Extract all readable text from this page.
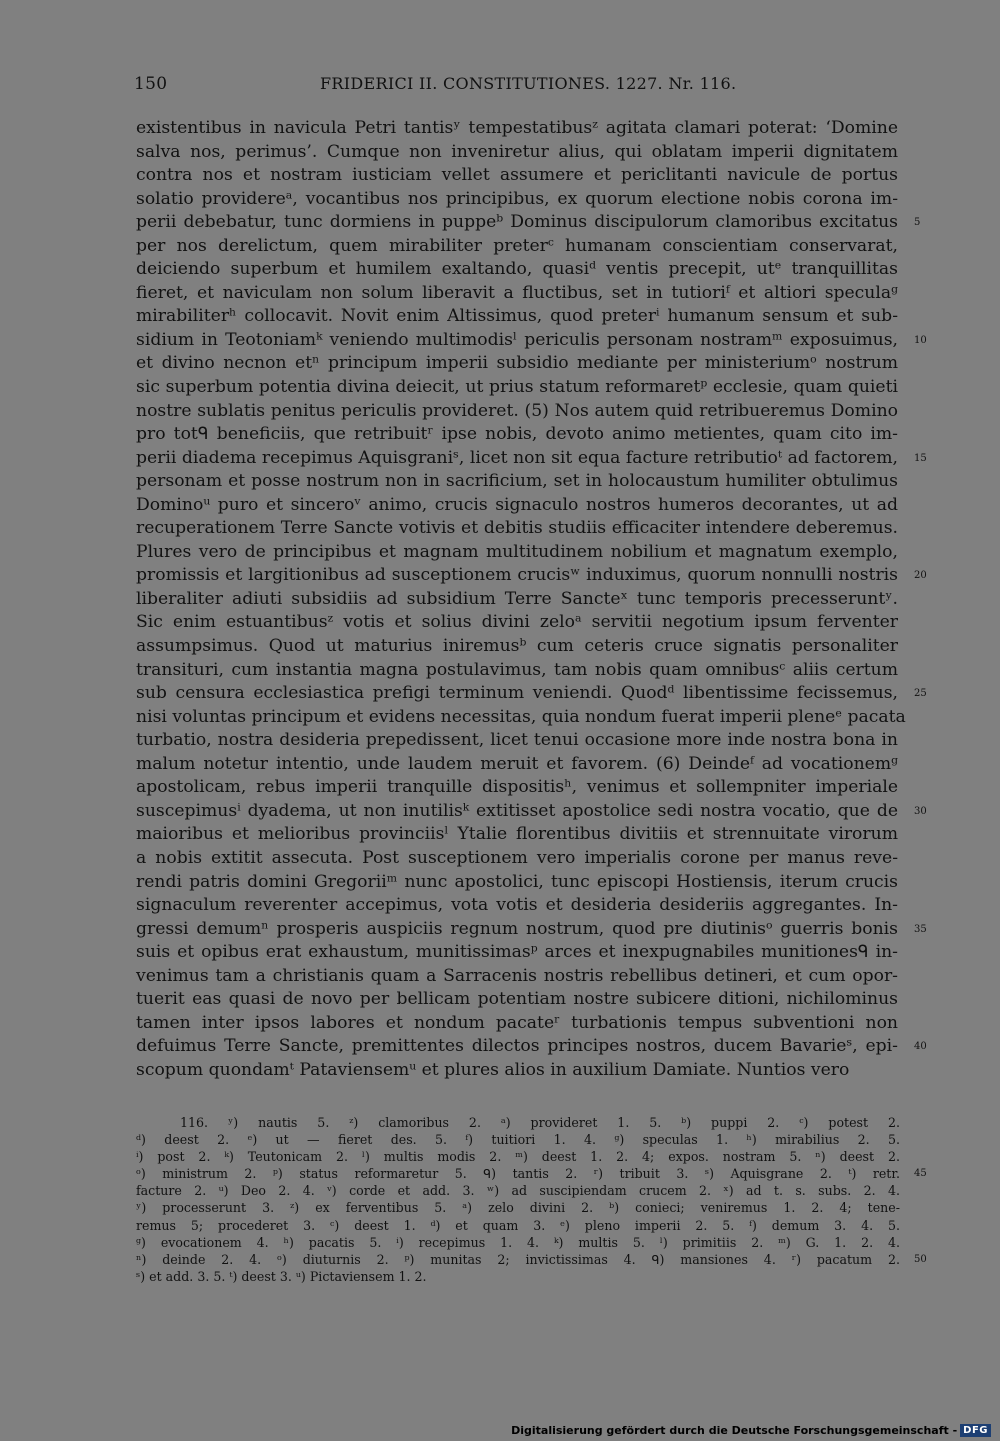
150	FRIDERICI II. CONSTITUTIONES. 1227. Nr. 116.
existentibus in navicula Petri tantisʸ tempestatibusᶻ agitata clamari poterat: ‘Domine
salva nos, perimus’. Cumque non inveniretur alius, qui oblatam imperii dignitatem
contra nos et nostram iusticiam vellet assumere et periclitanti navicule de portus
solatio providereᵃ, vocantibus nos principibus, ex quorum electione nobis corona im-
perii debebatur, tunc dormiens in puppeᵇ Dominus discipulorum clamoribus excitatus 5
per nos derelictum, quem mirabiliter preterᶜ humanam conscientiam conservarat,
deiciendo superbum et humilem exaltando, quasiᵈ ventis precepit, utᵉ tranquillitas
fieret, et naviculam non solum liberavit a fluctibus, set in tutioriᶠ et altiori speculaᵍ
mirabiliterʰ collocavit. Novit enim Altissimus, quod preterⁱ humanum sensum et sub-
sidium in Teotoniamᵏ veniendo multimodisˡ periculis personam nostramᵐ exposuimus, 10
et divino necnon etⁿ principum imperii subsidio mediante per ministeriumᵒ nostrum
sic superbum potentia divina deiecit, ut prius statum reformaretᵖ ecclesie, quam quieti
nostre sublatis penitus periculis provideret. (5) Nos autem quid retribueremus Domino
pro totᑫ beneficiis, que retribuitʳ ipse nobis, devoto animo metientes, quam cito im-
perii diadema recepimus Aquisgraniˢ, licet non sit equa facture retributioᵗ ad factorem, 15
personam et posse nostrum non in sacrificium, set in holocaustum humiliter obtulimus
Dominoᵘ puro et sinceroᵛ animo, crucis signaculo nostros humeros decorantes, ut ad
recuperationem Terre Sancte votivis et debitis studiis efficaciter intendere deberemus.
Plures vero de principibus et magnam multitudinem nobilium et magnatum exemplo,
promissis et largitionibus ad susceptionem crucisʷ induximus, quorum nonnulli nostris 20
liberaliter adiuti subsidiis ad subsidium Terre Sancteˣ tunc temporis precesseruntʸ.
Sic enim estuantibusᶻ votis et solius divini zeloᵃ servitii negotium ipsum ferventer
assumpsimus. Quod ut maturius iniremusᵇ cum ceteris cruce signatis personaliter
transituri, cum instantia magna postulavimus, tam nobis quam omnibusᶜ aliis certum
sub censura ecclesiastica prefigi terminum veniendi. Quodᵈ libentissime fecissemus, 25
nisi voluntas principum et evidens necessitas, quia nondum fuerat imperii pleneᵉ pacata
turbatio, nostra desideria prepedissent, licet tenui occasione more inde nostra bona in
malum notetur intentio, unde laudem meruit et favorem. (6) Deindeᶠ ad vocationemᵍ
apostolicam, rebus imperii tranquille dispositisʰ, venimus et sollempniter imperiale
suscepimusⁱ dyadema, ut non inutilisᵏ extitisset apostolice sedi nostra vocatio, que de 30
maioribus et melioribus provinciisˡ Ytalie florentibus divitiis et strennuitate virorum
a nobis extitit assecuta. Post susceptionem vero imperialis corone per manus reve-
rendi patris domini Gregoriiᵐ nunc apostolici, tunc episcopi Hostiensis, iterum crucis
signaculum reverenter accepimus, vota votis et desideria desideriis aggregantes. In-
gressi demumⁿ prosperis auspiciis regnum nostrum, quod pre diutinisᵒ guerris bonis 35
suis et opibus erat exhaustum, munitissimasᵖ arces et inexpugnabiles munitionesᑫ in-
venimus tam a christianis quam a Sarracenis nostris rebellibus detineri, et cum opor-
tuerit eas quasi de novo per bellicam potentiam nostre subicere ditioni, nichilominus
tamen inter ipsos labores et nondum pacateʳ turbationis tempus subventioni non
defuimus Terre Sancte, premittentes dilectos principes nostros, ducem Bavarieˢ, epi- 40
scopum quondamᵗ Pataviensemᵘ et plures alios in auxilium Damiate. Nuntios vero
116. ʸ) nautis 5. ᶻ) clamoribus 2. ᵃ) provideret 1. 5. ᵇ) puppi 2. ᶜ) potest 2.
ᵈ) deest 2. ᵉ) ut — fieret des. 5. ᶠ) tuitiori 1. 4. ᵍ) speculas 1. ʰ) mirabilius 2. 5.
ⁱ) post 2. ᵏ) Teutonicam 2. ˡ) multis modis 2. ᵐ) deest 1. 2. 4; expos. nostram 5. ⁿ) deest 2.
ᵒ) ministrum 2. ᵖ) status reformaretur 5. ᑫ) tantis 2. ʳ) tribuit 3. ˢ) Aquisgrane 2. ᵗ) retr. 45
facture 2. ᵘ) Deo 2. 4. ᵛ) corde et add. 3. ʷ) ad suscipiendam crucem 2. ˣ) ad t. s. subs. 2. 4.
ʸ) processerunt 3. ᶻ) ex ferventibus 5. ᵃ) zelo divini 2. ᵇ) conieci; veniremus 1. 2. 4; tene-
remus 5; procederet 3. ᶜ) deest 1. ᵈ) et quam 3. ᵉ) pleno imperii 2. 5. ᶠ) demum 3. 4. 5.
ᵍ) evocationem 4. ʰ) pacatis 5. ⁱ) recepimus 1. 4. ᵏ) multis 5. ˡ) primitiis 2. ᵐ) G. 1. 2. 4.
ⁿ) deinde 2. 4. ᵒ) diuturnis 2. ᵖ) munitas 2; invictissimas 4. ᑫ) mansiones 4. ʳ) pacatum 2. 50
ˢ) et add. 3. 5. ᵗ) deest 3. ᵘ) Pictaviensem 1. 2.
Digitalisierung gefördert durch die Deutsche Forschungsgemeinschaft - DFG
